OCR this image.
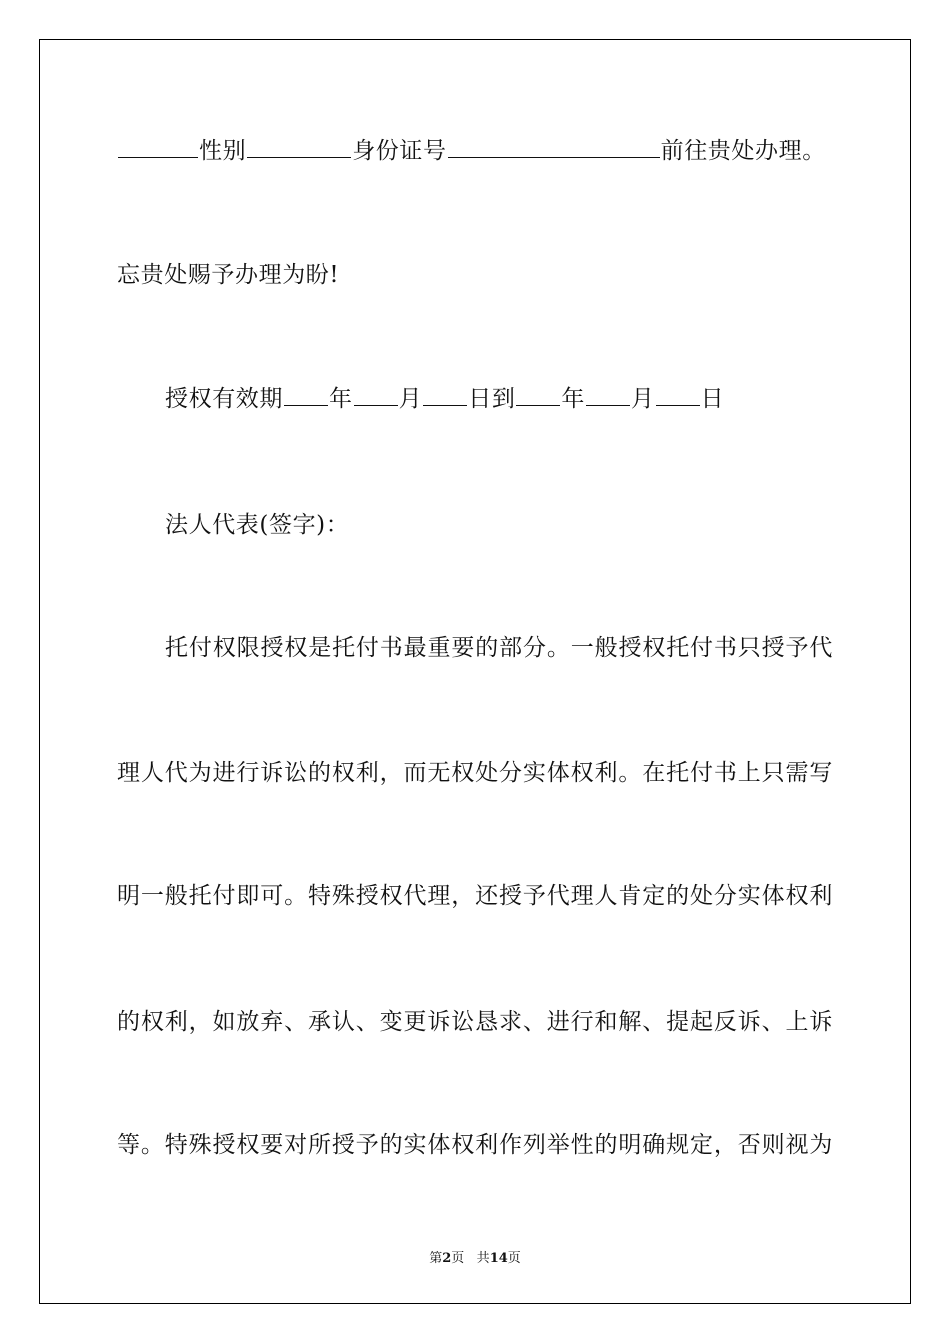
性别	身份证号	前往贵处办理。
忘贵处赐予办理为盼!
授权有效期 年 月 日到 年 月 日
法人代表(签字)：
托付权限授权是托付书最重要的部分。一般授权托付书只授予代
理人代为进行诉讼的权利，而无权处分实体权利。在托付书上只需写
明一般托付即可。特殊授权代理，还授予代理人肯定的处分实体权利
的权利，如放弃、承认、变更诉讼恳求、进行和解、提起反诉、上诉
等。特殊授权要对所授予的实体权利作列举性的明确规定，否则视为
第2页 共14页
